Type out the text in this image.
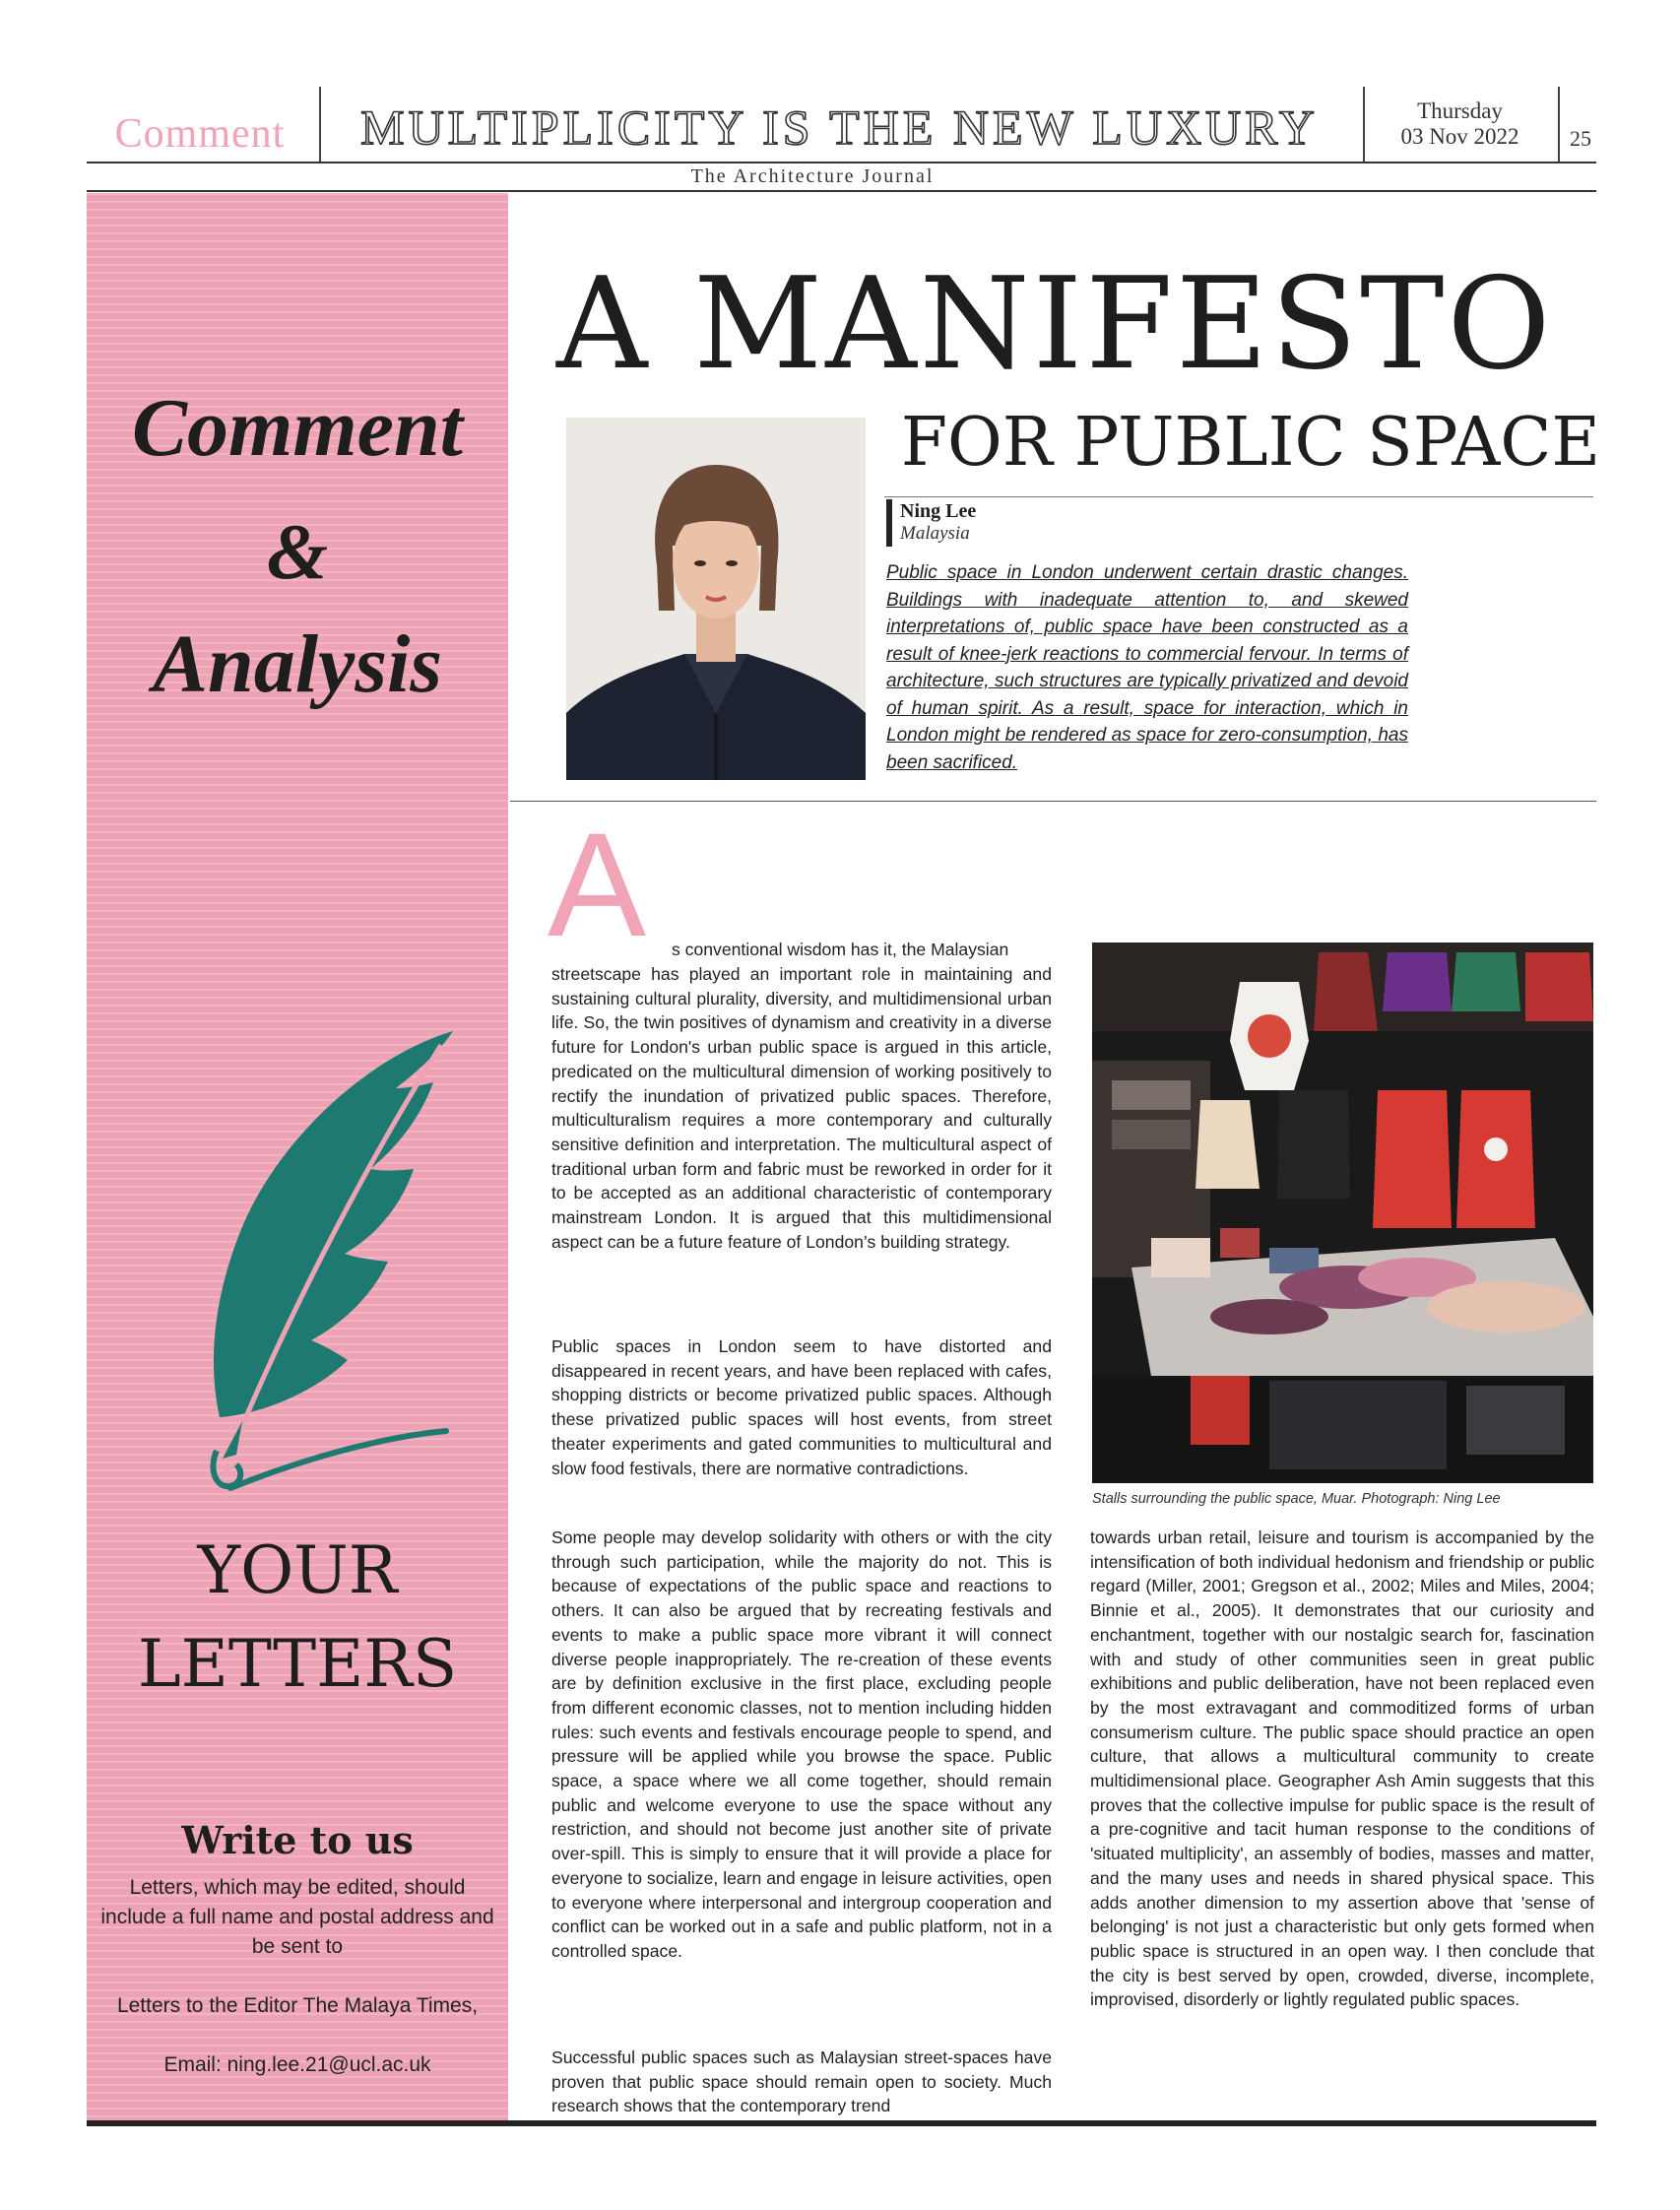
Comment	MULTIPLICITY IS THE NEW LUXURY	Thursday
03 Nov 2022	25
The Architecture Journal
Comment
&
Analysis
YOUR
LETTERS
Write to us
Letters, which may be edited, should include a full name and postal address and be sent to
Letters to the Editor The Malaya Times,
Email: ning.lee.21@ucl.ac.uk
A MANIFESTO
FOR PUBLIC SPACE
Ning Lee
Malaysia
Public space in London underwent certain drastic changes. Buildings with inadequate attention to, and skewed interpretations of, public space have been constructed as a result of knee-jerk reactions to commercial fervour. In terms of architecture, such structures are typically privatized and devoid of human spirit. As a result, space for interaction, which in London might be rendered as space for zero-consumption, has been sacrificed.
A s conventional wisdom has it, the Malaysian
streetscape has played an important role in maintaining and sustaining cultural plurality, diversity, and multidimensional urban life. So, the twin positives of dynamism and creativity in a diverse future for London's urban public space is argued in this article, predicated on the multicultural dimension of working positively to rectify the inundation of privatized public spaces. Therefore, multiculturalism requires a more contemporary and culturally sensitive definition and interpretation. The multicultural aspect of traditional urban form and fabric must be reworked in order for it to be accepted as an additional characteristic of contemporary mainstream London. It is argued that this multidimensional aspect can be a future feature of London’s building strategy.
Public spaces in London seem to have distorted and disappeared in recent years, and have been replaced with cafes, shopping districts or become privatized public spaces. Although these privatized public spaces will host events, from street theater experiments and gated communities to multicultural and slow food festivals, there are normative contradictions.
Some people may develop solidarity with others or with the city through such participation, while the majority do not. This is because of expectations of the public space and reactions to others. It can also be argued that by recreating festivals and events to make a public space more vibrant it will connect diverse people inappropriately. The re-creation of these events are by definition exclusive in the first place, excluding people from different economic classes, not to mention including hidden rules: such events and festivals encourage people to spend, and pressure will be applied while you browse the space. Public space, a space where we all come together, should remain public and welcome everyone to use the space without any restriction, and should not become just another site of private over-spill. This is simply to ensure that it will provide a place for everyone to socialize, learn and engage in leisure activities, open to everyone where interpersonal and intergroup cooperation and conflict can be worked out in a safe and public platform, not in a controlled space.
Successful public spaces such as Malaysian street-spaces have proven that public space should remain open to society. Much research shows that the contemporary trend
towards urban retail, leisure and tourism is accompanied by the intensification of both individual hedonism and friendship or public regard (Miller, 2001; Gregson et al., 2002; Miles and Miles, 2004; Binnie et al., 2005). It demonstrates that our curiosity and enchantment, together with our nostalgic search for, fascination with and study of other communities seen in great public exhibitions and public deliberation, have not been replaced even by the most extravagant and commoditized forms of urban consumerism culture. The public space should practice an open culture, that allows a multicultural community to create multidimensional place. Geographer Ash Amin suggests that this proves that the collective impulse for public space is the result of a pre-cognitive and tacit human response to the conditions of 'situated multiplicity', an assembly of bodies, masses and matter, and the many uses and needs in shared physical space. This adds another dimension to my assertion above that 'sense of belonging' is not just a characteristic but only gets formed when public space is structured in an open way. I then conclude that the city is best served by open, crowded, diverse, incomplete, improvised, disorderly or lightly regulated public spaces.
Stalls surrounding the public space, Muar. Photograph: Ning Lee
